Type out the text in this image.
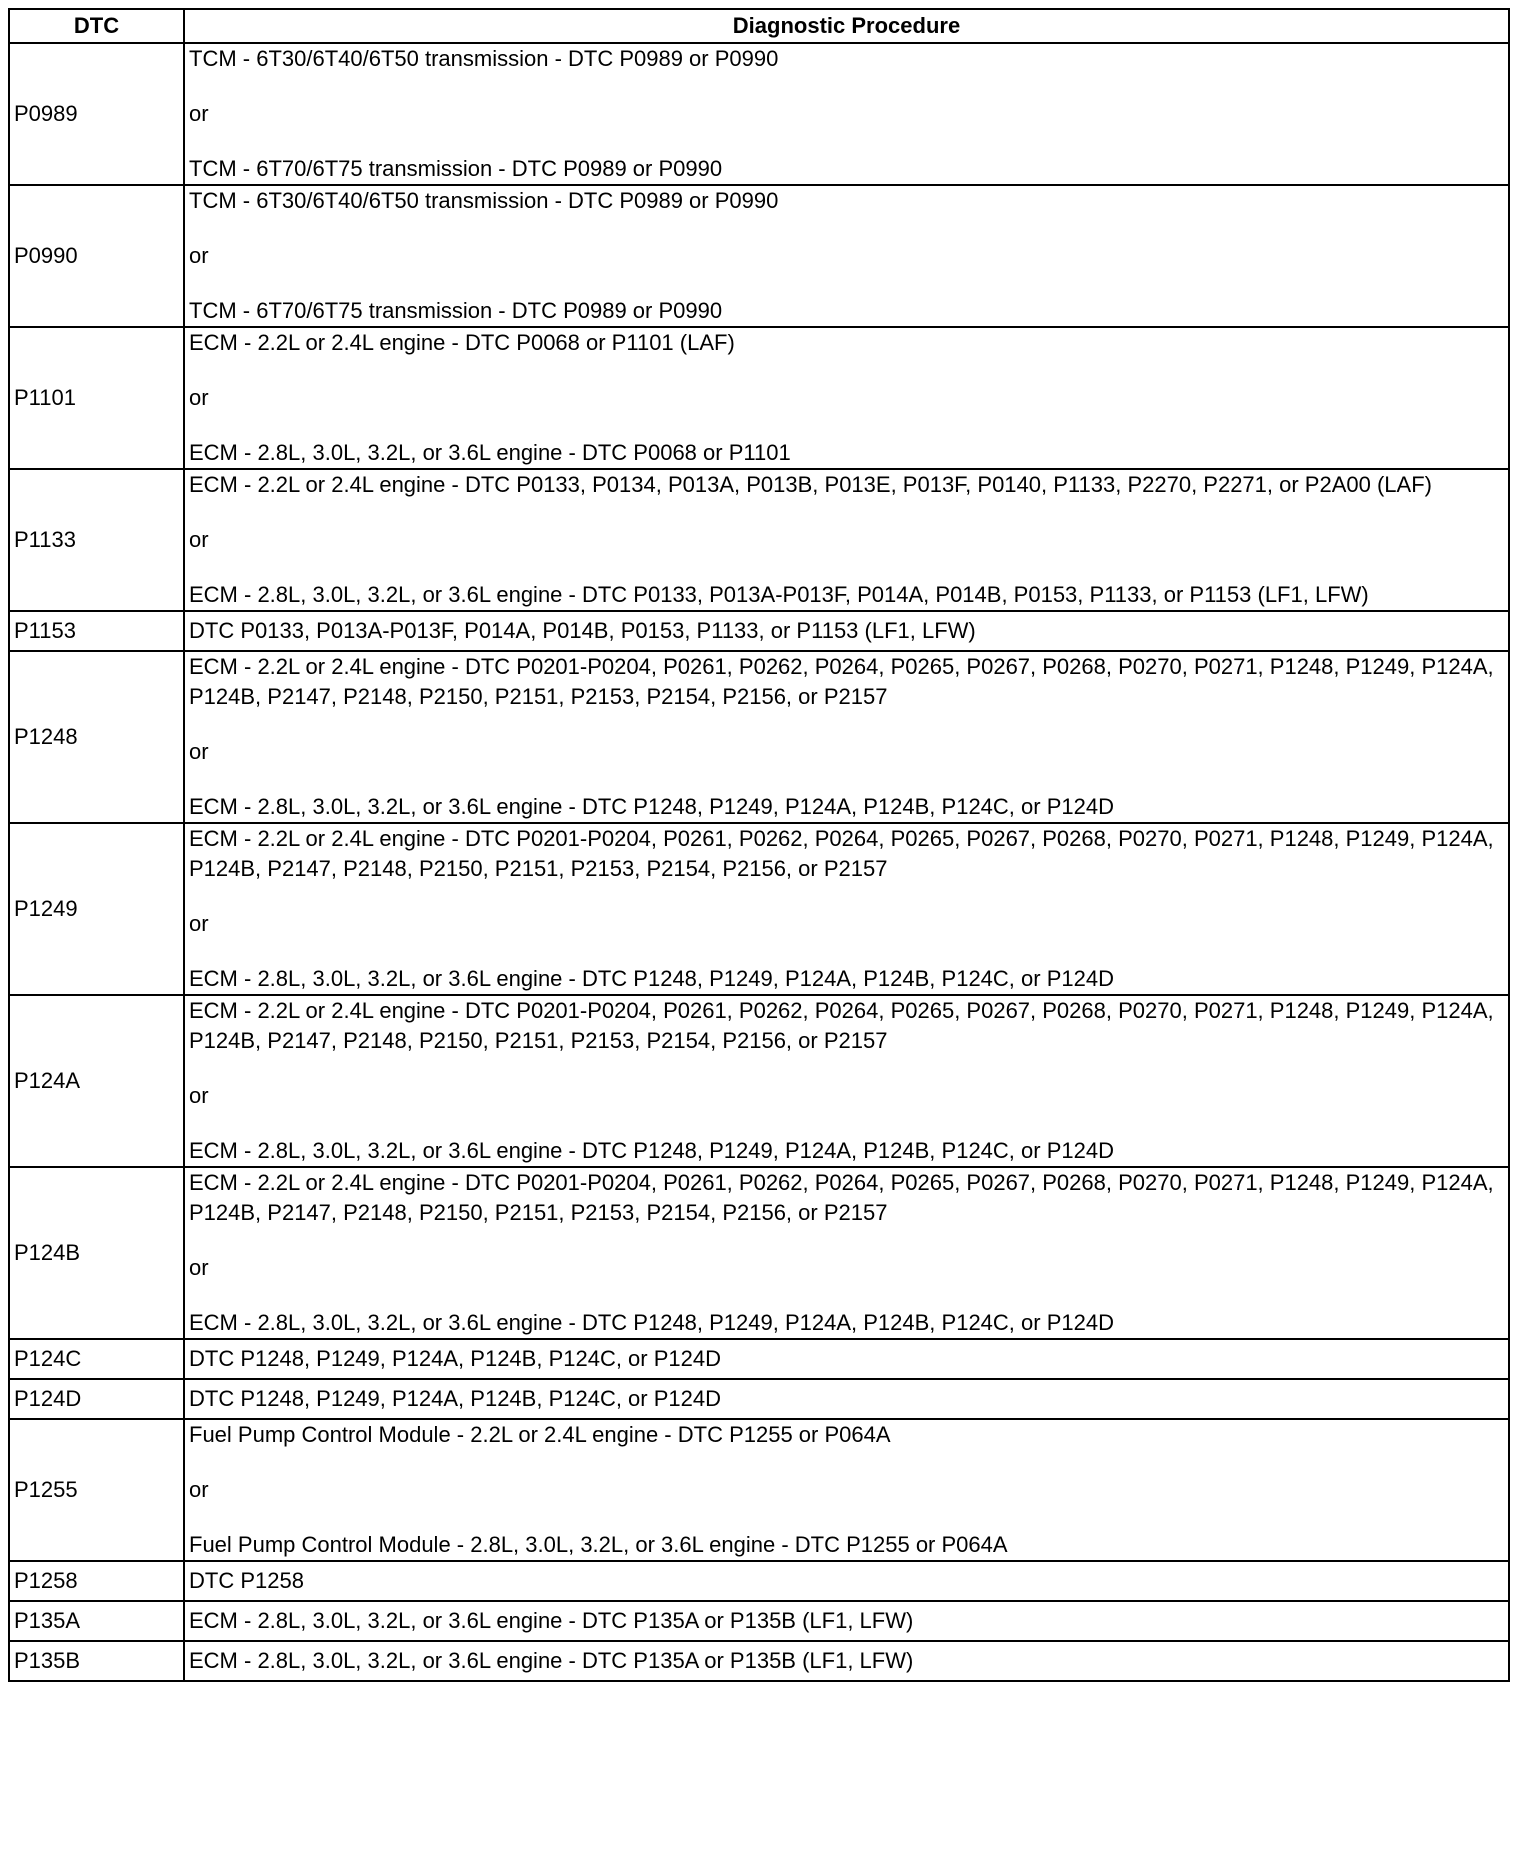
DTC	Diagnostic Procedure
P0989	TCM - 6T30/6T40/6T50 transmission - DTC P0989 or P0990

or

TCM - 6T70/6T75 transmission - DTC P0989 or P0990

P0990	TCM - 6T30/6T40/6T50 transmission - DTC P0989 or P0990

or

TCM - 6T70/6T75 transmission - DTC P0989 or P0990

P1101	ECM - 2.2L or 2.4L engine - DTC P0068 or P1101 (LAF)

or

ECM - 2.8L, 3.0L, 3.2L, or 3.6L engine - DTC P0068 or P1101

P1133	ECM - 2.2L or 2.4L engine - DTC P0133, P0134, P013A, P013B, P013E, P013F, P0140, P1133, P2270, P2271, or P2A00 (LAF)

or

ECM - 2.8L, 3.0L, 3.2L, or 3.6L engine - DTC P0133, P013A-P013F, P014A, P014B, P0153, P1133, or P1153 (LF1, LFW)

P1153	DTC P0133, P013A-P013F, P014A, P014B, P0153, P1133, or P1153 (LF1, LFW)

P1248	ECM - 2.2L or 2.4L engine - DTC P0201-P0204, P0261, P0262, P0264, P0265, P0267, P0268, P0270, P0271, P1248, P1249, P124A, P124B, P2147, P2148, P2150, P2151, P2153, P2154, P2156, or P2157

or

ECM - 2.8L, 3.0L, 3.2L, or 3.6L engine - DTC P1248, P1249, P124A, P124B, P124C, or P124D

P1249	ECM - 2.2L or 2.4L engine - DTC P0201-P0204, P0261, P0262, P0264, P0265, P0267, P0268, P0270, P0271, P1248, P1249, P124A, P124B, P2147, P2148, P2150, P2151, P2153, P2154, P2156, or P2157

or

ECM - 2.8L, 3.0L, 3.2L, or 3.6L engine - DTC P1248, P1249, P124A, P124B, P124C, or P124D

P124A	ECM - 2.2L or 2.4L engine - DTC P0201-P0204, P0261, P0262, P0264, P0265, P0267, P0268, P0270, P0271, P1248, P1249, P124A, P124B, P2147, P2148, P2150, P2151, P2153, P2154, P2156, or P2157

or

ECM - 2.8L, 3.0L, 3.2L, or 3.6L engine - DTC P1248, P1249, P124A, P124B, P124C, or P124D

P124B	ECM - 2.2L or 2.4L engine - DTC P0201-P0204, P0261, P0262, P0264, P0265, P0267, P0268, P0270, P0271, P1248, P1249, P124A, P124B, P2147, P2148, P2150, P2151, P2153, P2154, P2156, or P2157

or

ECM - 2.8L, 3.0L, 3.2L, or 3.6L engine - DTC P1248, P1249, P124A, P124B, P124C, or P124D

P124C	DTC P1248, P1249, P124A, P124B, P124C, or P124D

P124D	DTC P1248, P1249, P124A, P124B, P124C, or P124D

P1255	Fuel Pump Control Module - 2.2L or 2.4L engine - DTC P1255 or P064A

or

Fuel Pump Control Module - 2.8L, 3.0L, 3.2L, or 3.6L engine - DTC P1255 or P064A

P1258	DTC P1258

P135A	ECM - 2.8L, 3.0L, 3.2L, or 3.6L engine - DTC P135A or P135B (LF1, LFW)

P135B	ECM - 2.8L, 3.0L, 3.2L, or 3.6L engine - DTC P135A or P135B (LF1, LFW)
